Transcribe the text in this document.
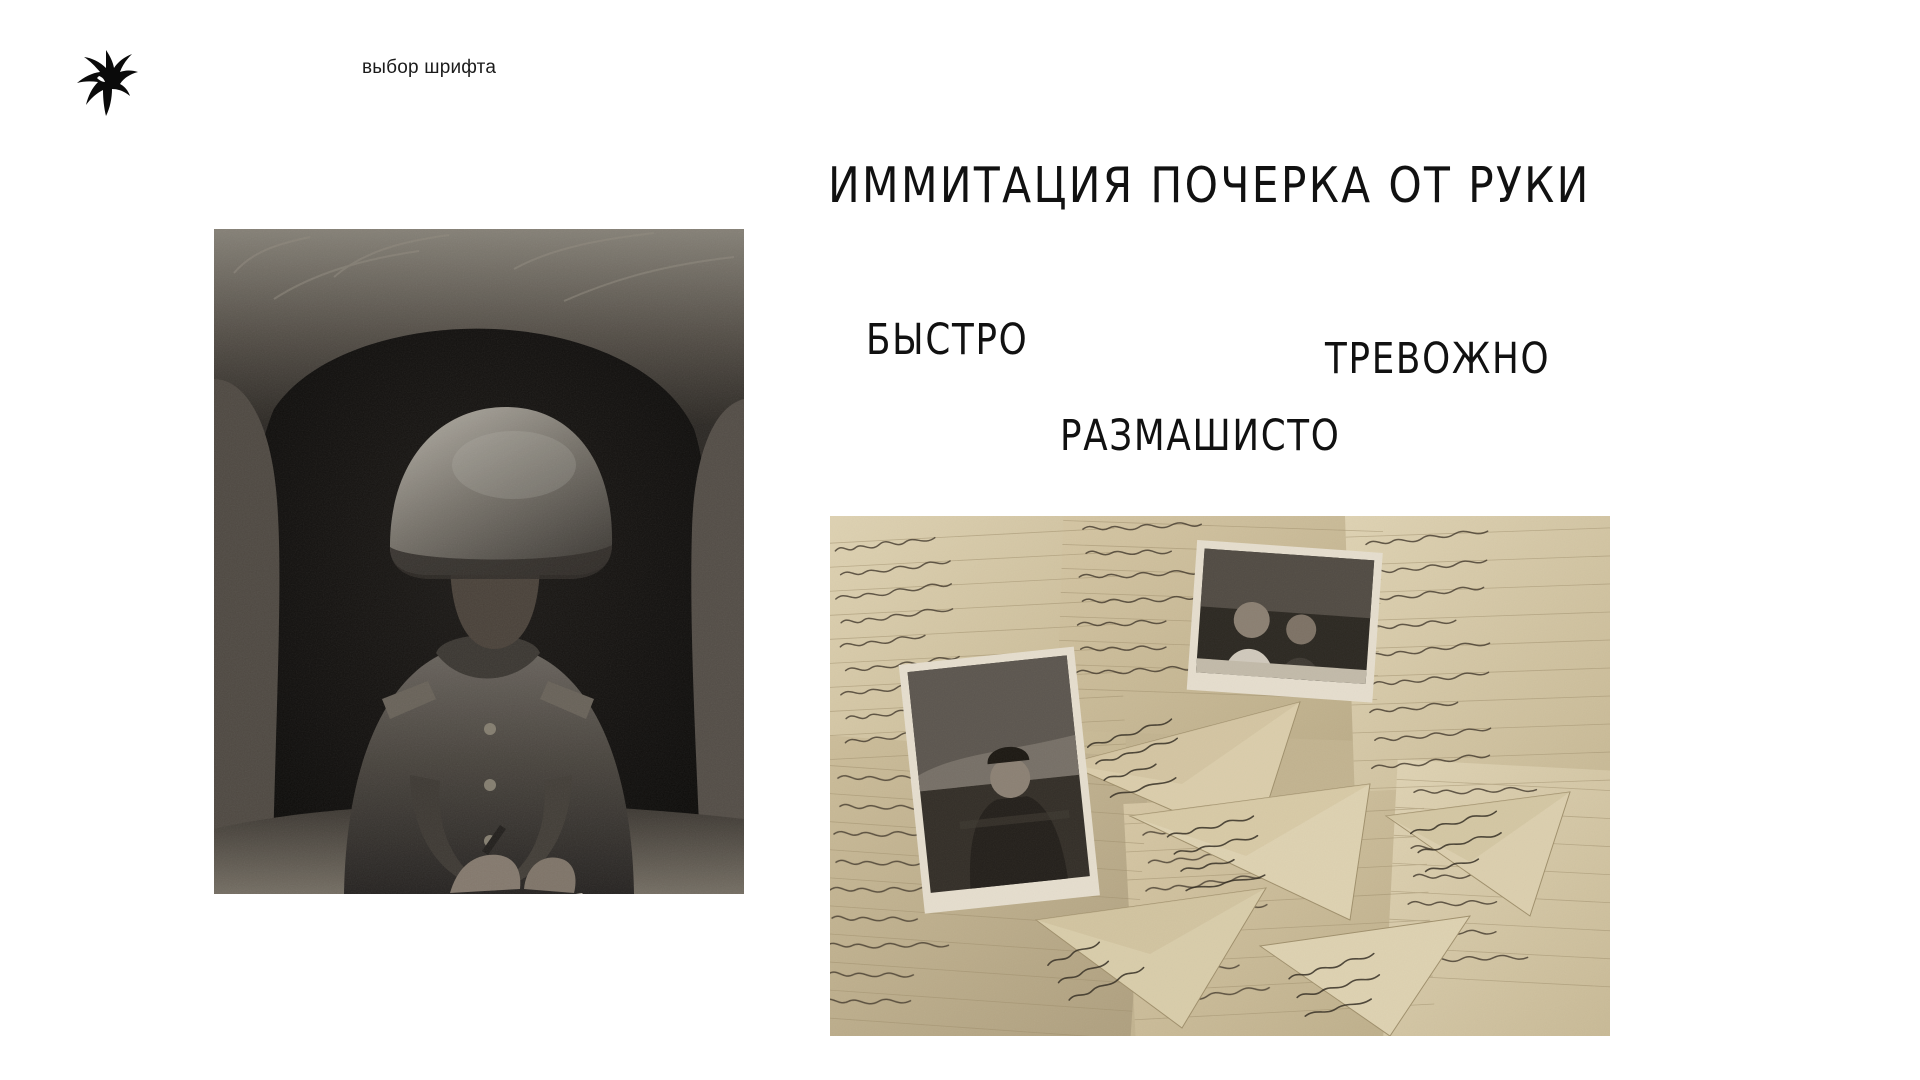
выбор шрифта
ИММИТАЦИЯ ПОЧЕРКА ОТ РУКИ
БЫСТРО	ТРЕВОЖНО
РАЗМАШИСТО
